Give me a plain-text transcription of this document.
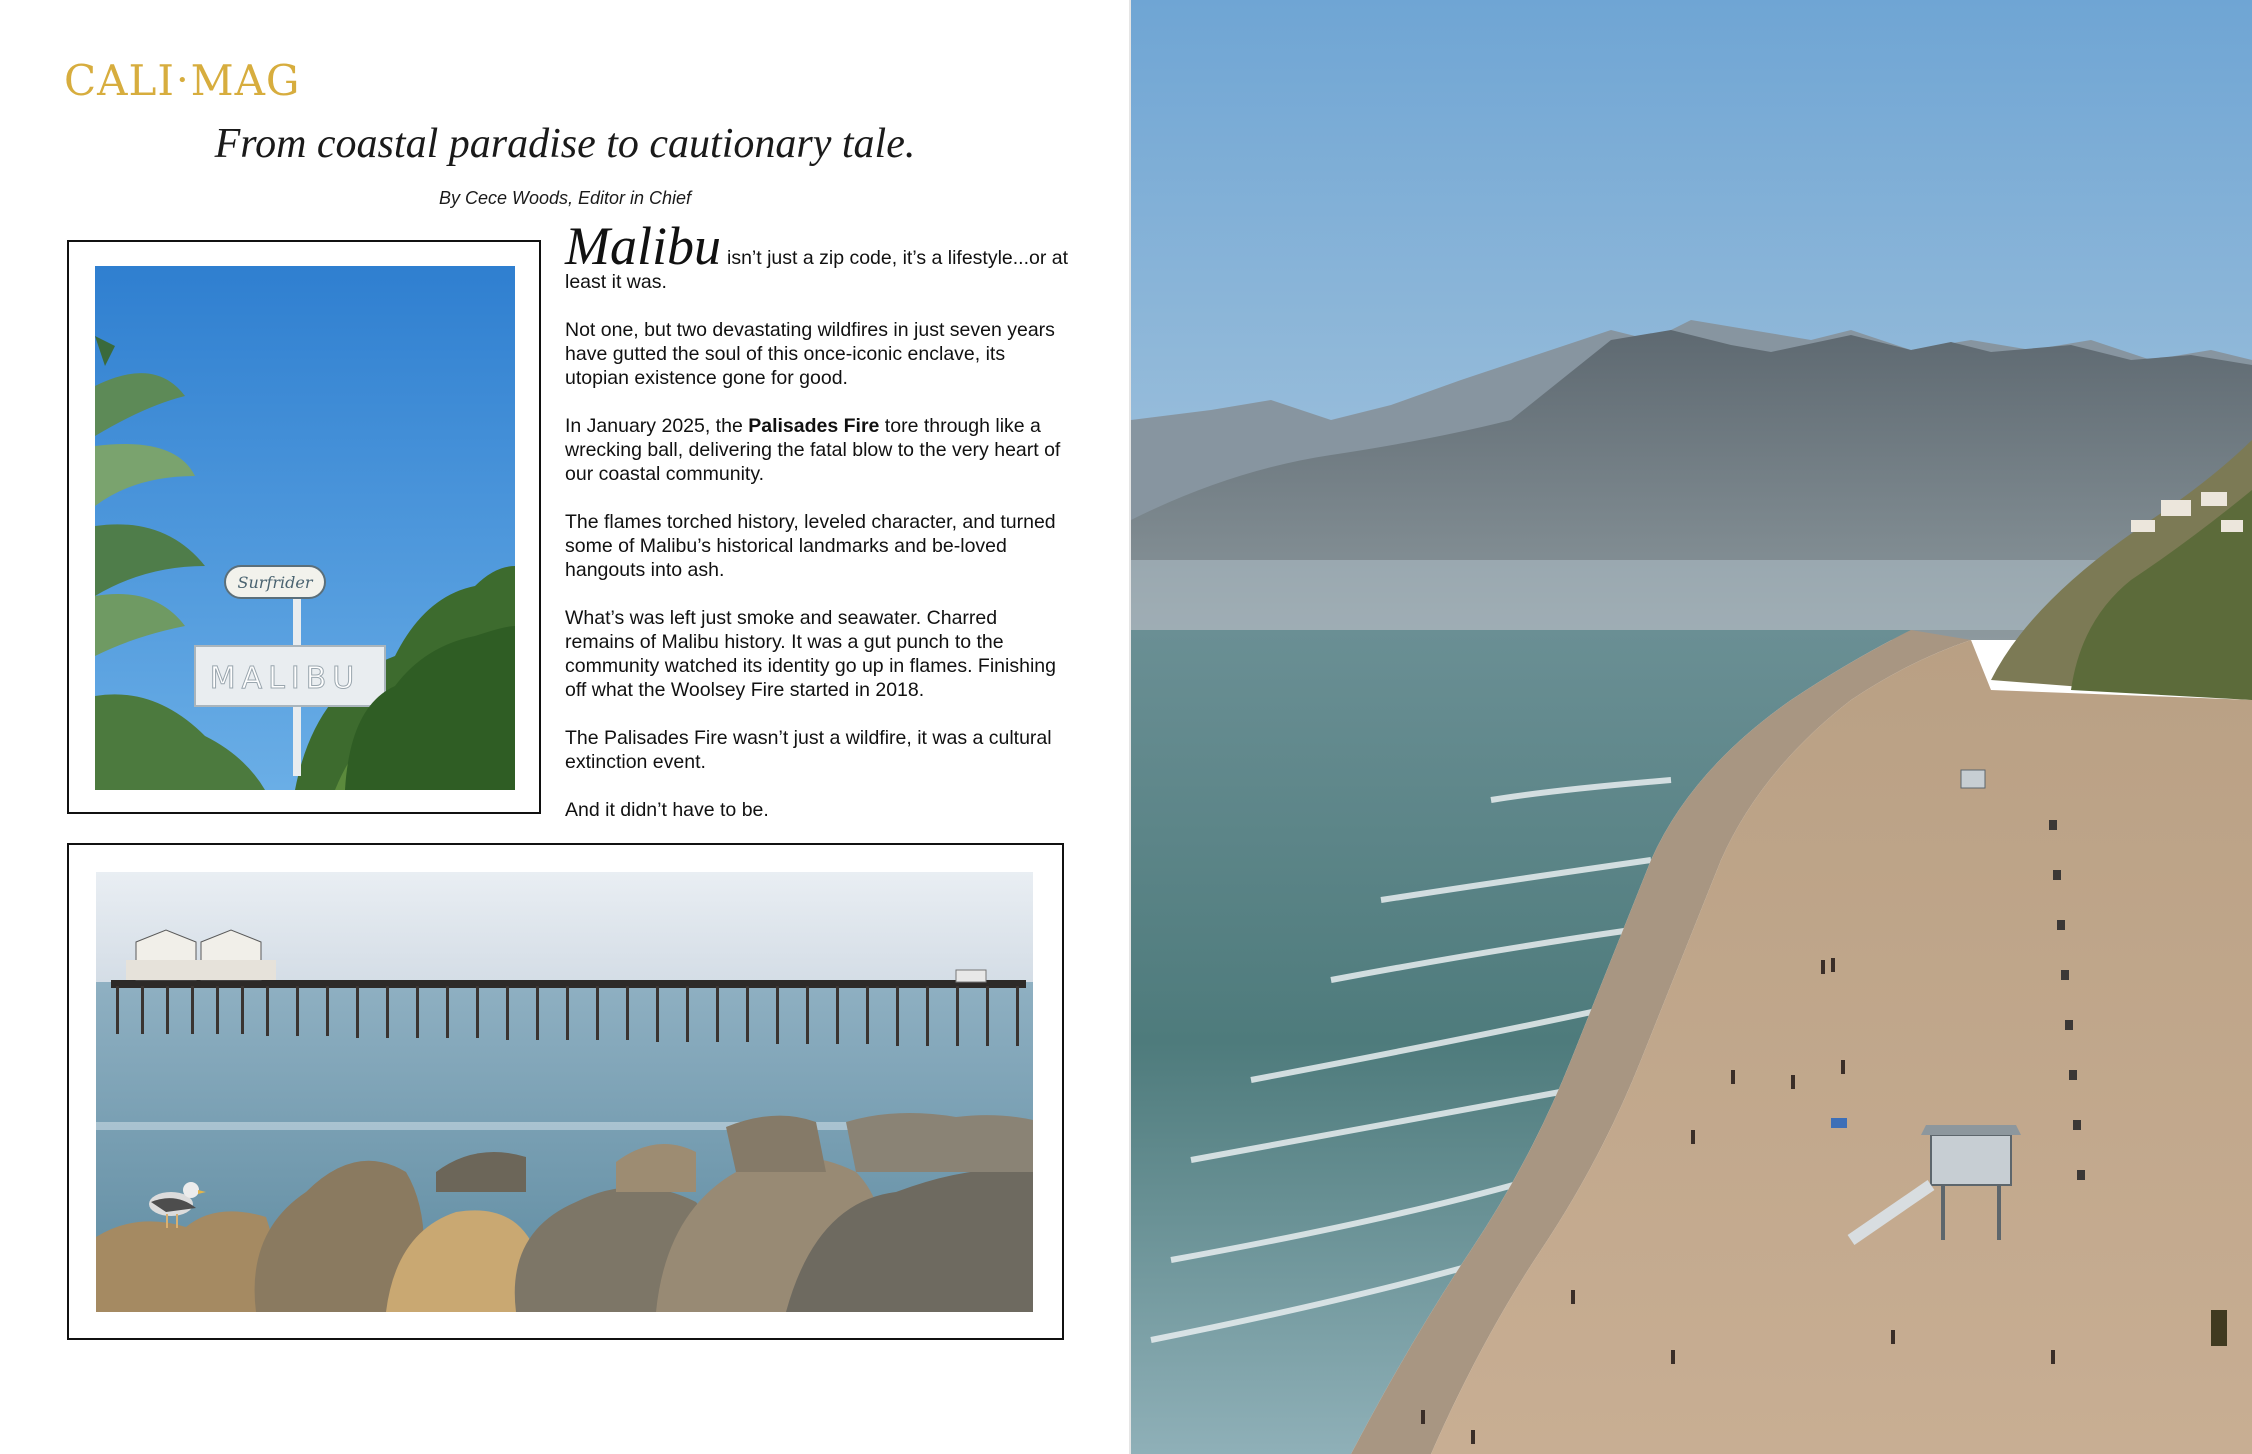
CALI •MAG
From coastal paradise to cautionary tale.
By Cece Woods, Editor in Chief
Surfrider
MALIBU

Malibu isn’t just a zip code, it’s a lifestyle...or at least it was.

Not one, but two devastating wildfires in just seven years have gutted the soul of this once-iconic enclave, its utopian existence gone for good.

In January 2025, the Palisades Fire tore through like a wrecking ball, delivering the fatal blow to the very heart of our coastal community.

The flames torched history, leveled character, and turned some of Malibu’s historical landmarks and be-loved hangouts into ash.

What’s was left just smoke and seawater. Charred remains of Malibu history. It was a gut punch to the community watched its identity go up in flames. Finishing off what the Woolsey Fire started in 2018.

The Palisades Fire wasn’t just a wildfire, it was a cultural extinction event.

And it didn’t have to be.
